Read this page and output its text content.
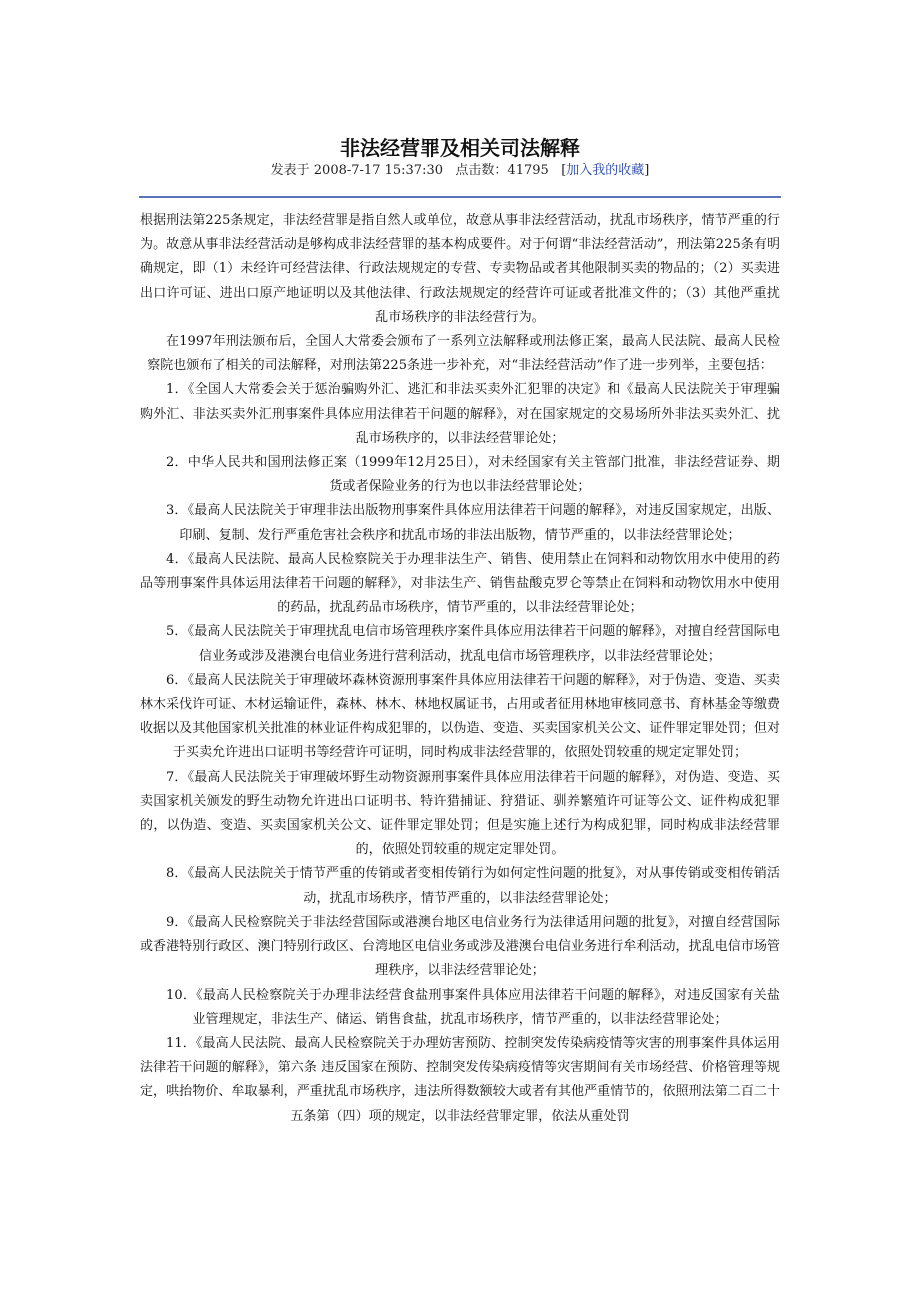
非法经营罪及相关司法解释
发表于 2008-7-17 15:37:30 点击数：41795 [加入我的收藏]

根据刑法第225条规定，非法经营罪是指自然人或单位，故意从事非法经营活动，扰乱市场秩序，情节严重的行为。故意从事非法经营活动是够构成非法经营罪的基本构成要件。对于何谓“非法经营活动”，刑法第225条有明确规定，即（1）未经许可经营法律、行政法规规定的专营、专卖物品或者其他限制买卖的物品的；（2）买卖进出口许可证、进出口原产地证明以及其他法律、行政法规规定的经营许可证或者批准文件的；（3）其他严重扰乱市场秩序的非法经营行为。

在1997年刑法颁布后，全国人大常委会颁布了一系列立法解释或刑法修正案，最高人民法院、最高人民检察院也颁布了相关的司法解释，对刑法第225条进一步补充，对“非法经营活动”作了进一步列举，主要包括：

1．《全国人大常委会关于惩治骗购外汇、逃汇和非法买卖外汇犯罪的决定》和《最高人民法院关于审理骗购外汇、非法买卖外汇刑事案件具体应用法律若干问题的解释》，对在国家规定的交易场所外非法买卖外汇、扰乱市场秩序的，以非法经营罪论处；

2．中华人民共和国刑法修正案（1999年12月25日），对未经国家有关主管部门批准，非法经营证券、期货或者保险业务的行为也以非法经营罪论处；

3．《最高人民法院关于审理非法出版物刑事案件具体应用法律若干问题的解释》，对违反国家规定，出版、印刷、复制、发行严重危害社会秩序和扰乱市场的非法出版物，情节严重的，以非法经营罪论处；

4．《最高人民法院、最高人民检察院关于办理非法生产、销售、使用禁止在饲料和动物饮用水中使用的药品等刑事案件具体运用法律若干问题的解释》，对非法生产、销售盐酸克罗仑等禁止在饲料和动物饮用水中使用的药品，扰乱药品市场秩序，情节严重的，以非法经营罪论处；

5．《最高人民法院关于审理扰乱电信市场管理秩序案件具体应用法律若干问题的解释》，对擅自经营国际电信业务或涉及港澳台电信业务进行营利活动，扰乱电信市场管理秩序，以非法经营罪论处；

6．《最高人民法院关于审理破坏森林资源刑事案件具体应用法律若干问题的解释》，对于伪造、变造、买卖林木采伐许可证、木材运输证件，森林、林木、林地权属证书，占用或者征用林地审核同意书、育林基金等缴费收据以及其他国家机关批准的林业证件构成犯罪的，以伪造、变造、买卖国家机关公文、证件罪定罪处罚；但对于买卖允许进出口证明书等经营许可证明，同时构成非法经营罪的，依照处罚较重的规定定罪处罚；

7．《最高人民法院关于审理破坏野生动物资源刑事案件具体应用法律若干问题的解释》，对伪造、变造、买卖国家机关颁发的野生动物允许进出口证明书、特许猎捕证、狩猎证、驯养繁殖许可证等公文、证件构成犯罪的，以伪造、变造、买卖国家机关公文、证件罪定罪处罚；但是实施上述行为构成犯罪，同时构成非法经营罪的，依照处罚较重的规定定罪处罚。

8．《最高人民法院关于情节严重的传销或者变相传销行为如何定性问题的批复》，对从事传销或变相传销活动，扰乱市场秩序，情节严重的，以非法经营罪论处；

9．《最高人民检察院关于非法经营国际或港澳台地区电信业务行为法律适用问题的批复》，对擅自经营国际或香港特别行政区、澳门特别行政区、台湾地区电信业务或涉及港澳台电信业务进行牟利活动，扰乱电信市场管理秩序，以非法经营罪论处；

10．《最高人民检察院关于办理非法经营食盐刑事案件具体应用法律若干问题的解释》，对违反国家有关盐业管理规定，非法生产、储运、销售食盐，扰乱市场秩序，情节严重的，以非法经营罪论处；

11．《最高人民法院、最高人民检察院关于办理妨害预防、控制突发传染病疫情等灾害的刑事案件具体运用法律若干问题的解释》，第六条 违反国家在预防、控制突发传染病疫情等灾害期间有关市场经营、价格管理等规定，哄抬物价、牟取暴利，严重扰乱市场秩序，违法所得数额较大或者有其他严重情节的，依照刑法第二百二十五条第（四）项的规定，以非法经营罪定罪，依法从重处罚
